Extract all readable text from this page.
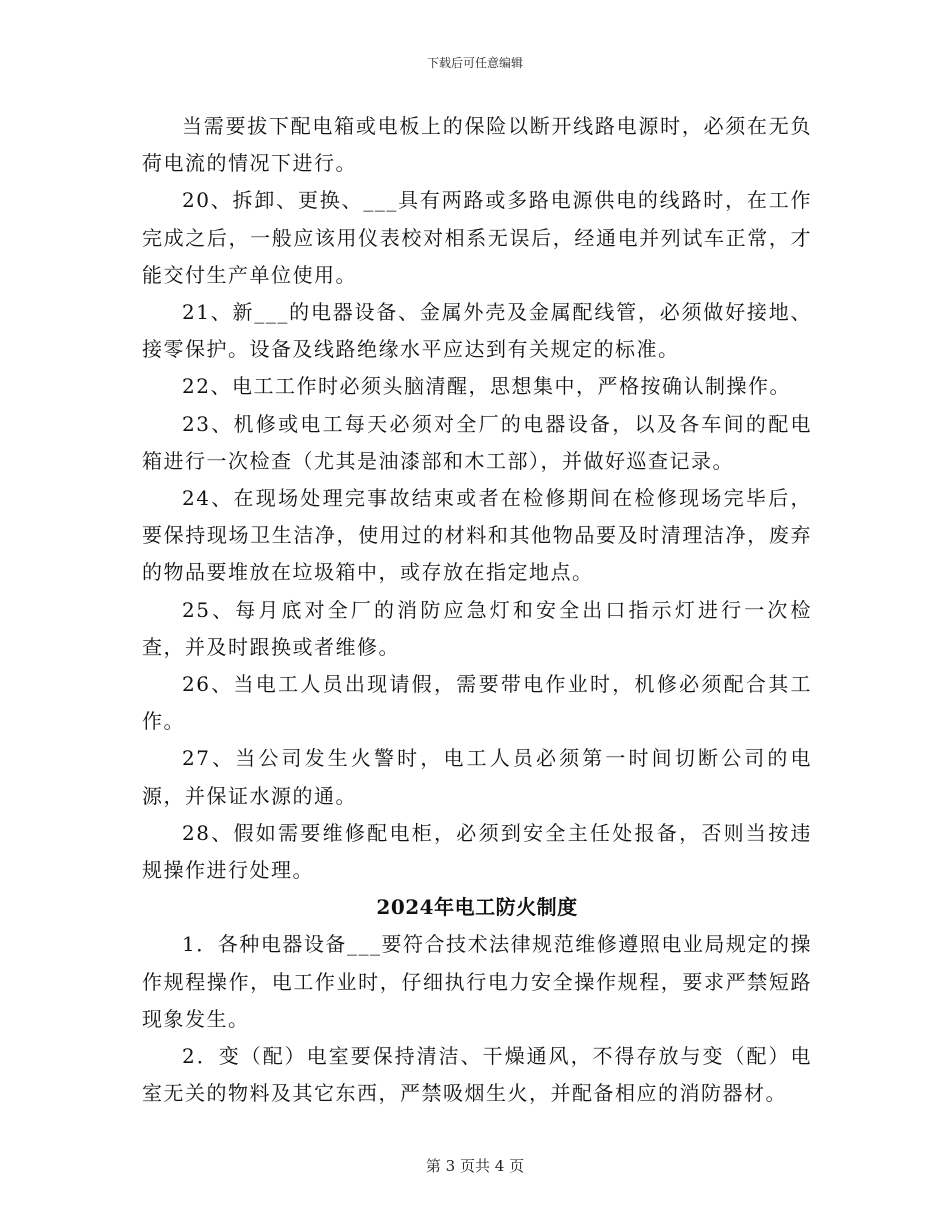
下载后可任意编辑

当需要拔下配电箱或电板上的保险以断开线路电源时，必须在无负荷电流的情况下进行。

20、拆卸、更换、___具有两路或多路电源供电的线路时，在工作完成之后，一般应该用仪表校对相系无误后，经通电并列试车正常，才能交付生产单位使用。

21、新___的电器设备、金属外壳及金属配线管，必须做好接地、接零保护。设备及线路绝缘水平应达到有关规定的标准。

22、电工工作时必须头脑清醒，思想集中，严格按确认制操作。

23、机修或电工每天必须对全厂的电器设备，以及各车间的配电箱进行一次检查（尤其是油漆部和木工部），并做好巡查记录。

24、在现场处理完事故结束或者在检修期间在检修现场完毕后，要保持现场卫生洁净，使用过的材料和其他物品要及时清理洁净，废弃的物品要堆放在垃圾箱中，或存放在指定地点。

25、每月底对全厂的消防应急灯和安全出口指示灯进行一次检查，并及时跟换或者维修。

26、当电工人员出现请假，需要带电作业时，机修必须配合其工作。

27、当公司发生火警时，电工人员必须第一时间切断公司的电源，并保证水源的通。

28、假如需要维修配电柜，必须到安全主任处报备，否则当按违规操作进行处理。

2024年电工防火制度

1．各种电器设备___要符合技术法律规范维修遵照电业局规定的操作规程操作，电工作业时，仔细执行电力安全操作规程，要求严禁短路现象发生。

2．变（配）电室要保持清洁、干燥通风，不得存放与变（配）电室无关的物料及其它东西，严禁吸烟生火，并配备相应的消防器材。

第 3 页共 4 页
